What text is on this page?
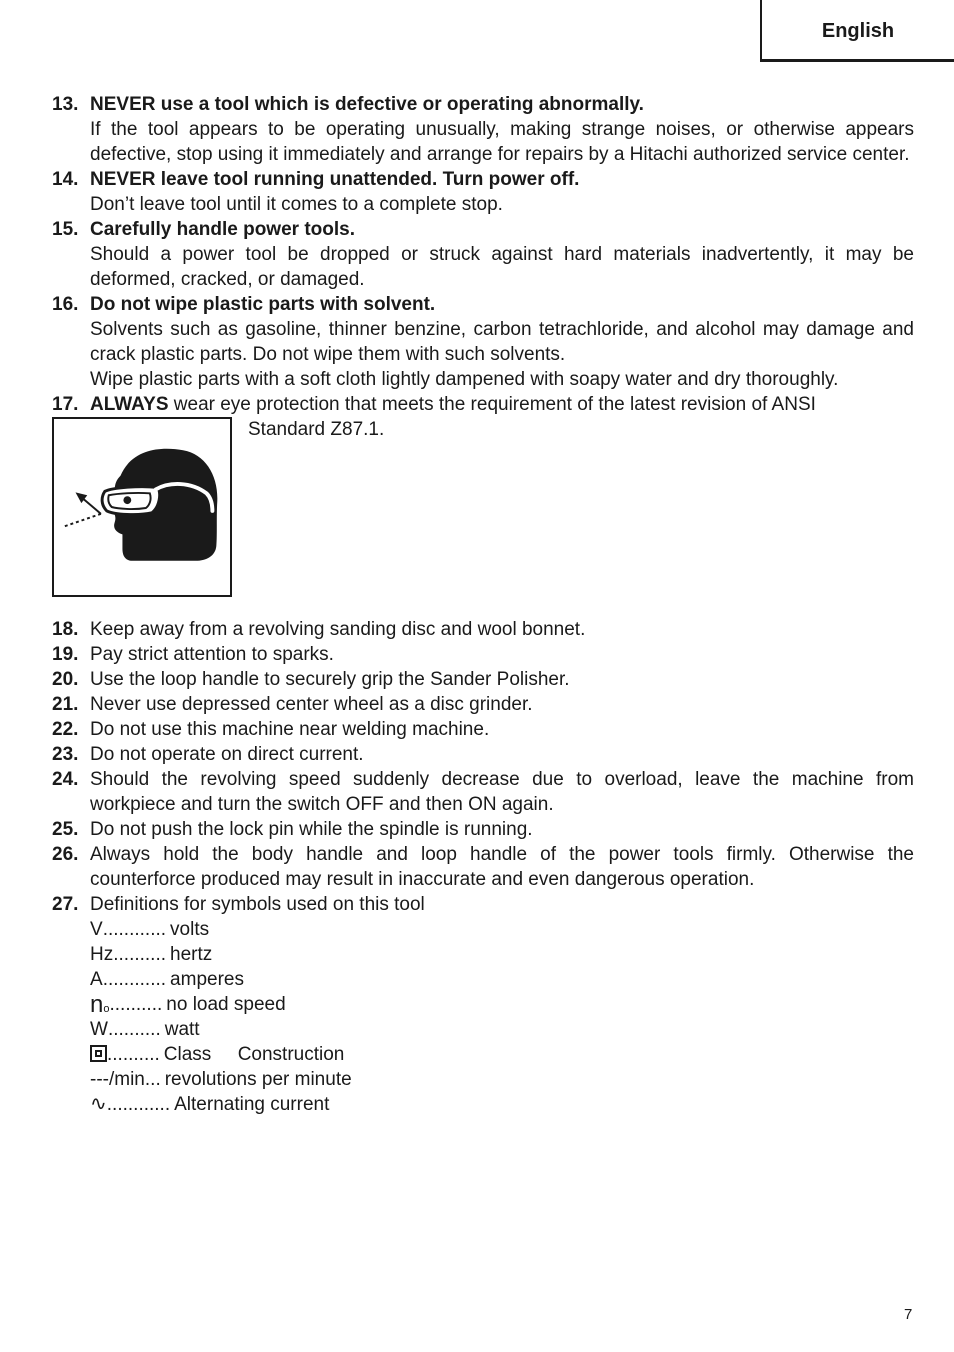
English
13. NEVER use a tool which is defective or operating abnormally.
If the tool appears to be operating unusually, making strange noises, or otherwise appears defective, stop using it immediately and arrange for repairs by a Hitachi authorized service center.
14. NEVER leave tool running unattended. Turn power off.
Don’t leave tool until it comes to a complete stop.
15. Carefully handle power tools.
Should a power tool be dropped or struck against hard materials inadvertently, it may be deformed, cracked, or damaged.
16. Do not wipe plastic parts with solvent.
Solvents such as gasoline, thinner benzine, carbon tetrachloride, and alcohol may damage and crack plastic parts. Do not wipe them with such solvents.
Wipe plastic parts with a soft cloth lightly dampened with soapy water and dry thoroughly.
17. ALWAYS wear eye protection that meets the requirement of the latest revision of ANSI
Standard Z87.1.
18. Keep away from a revolving sanding disc and wool bonnet.
19. Pay strict attention to sparks.
20. Use the loop handle to securely grip the Sander Polisher.
21. Never use depressed center wheel as a disc grinder.
22. Do not use this machine near welding machine.
23. Do not operate on direct current.
24. Should the revolving speed suddenly decrease due to overload, leave the machine from workpiece and turn the switch OFF and then ON again.
25. Do not push the lock pin while the spindle is running.
26. Always hold the body handle and loop handle of the power tools firmly. Otherwise the counterforce produced may result in inaccurate and even dangerous operation.
27. Definitions for symbols used on this tool
V ............ volts
Hz .......... hertz
A ............ amperes
no .......... no load speed
W .......... watt
.......... Class     Construction
---/min ... revolutions per minute
∿ ............ Alternating current
7
